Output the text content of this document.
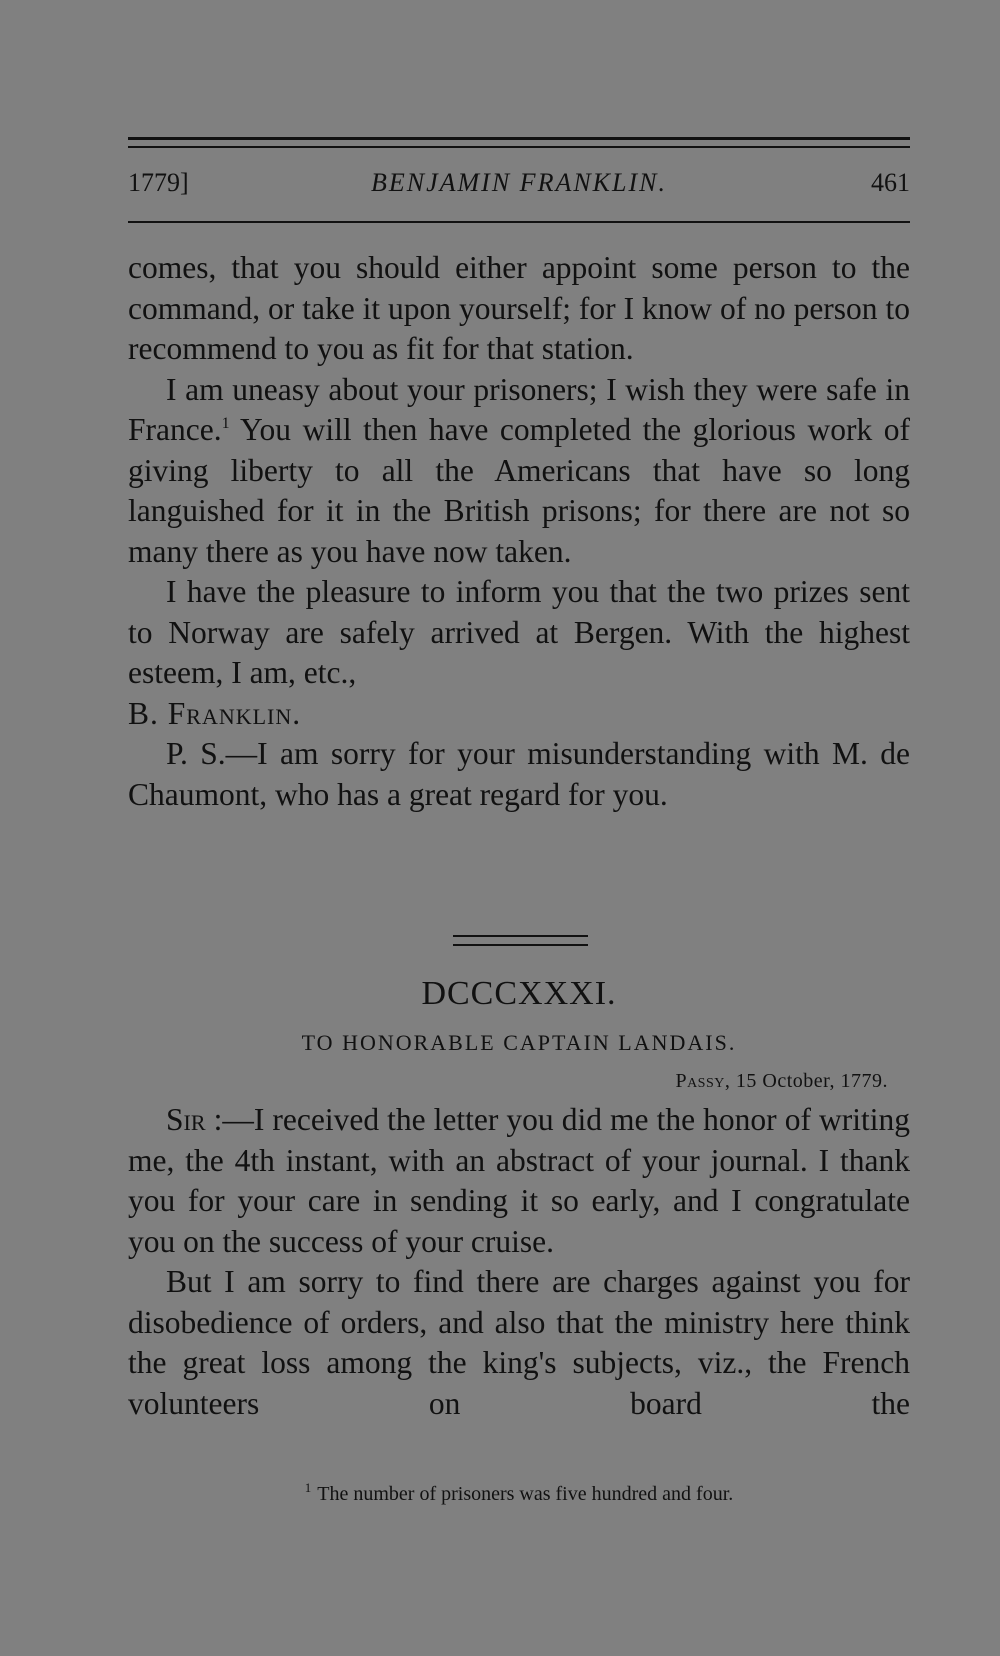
1779]	BENJAMIN FRANKLIN.	461

comes, that you should either appoint some person to the command, or take it upon yourself; for I know of no person to recommend to you as fit for that station.

I am uneasy about your prisoners; I wish they were safe in France.$^1$ You will then have completed the glorious work of giving liberty to all the Americans that have so long languished for it in the British prisons; for there are not so many there as you have now taken.

I have the pleasure to inform you that the two prizes sent to Norway are safely arrived at Bergen. With the highest esteem, I am, etc.,

B. Franklin.

P. S.—I am sorry for your misunderstanding with M. de Chaumont, who has a great regard for you.

DCCCXXXI.
TO HONORABLE CAPTAIN LANDAIS.
Passy, 15 October, 1779.

Sir :—I received the letter you did me the honor of writing me, the 4th instant, with an abstract of your journal. I thank you for your care in sending it so early, and I congratulate you on the success of your cruise.

But I am sorry to find there are charges against you for disobedience of orders, and also that the ministry here think the great loss among the king's subjects, viz., the French volunteers on board the

$^1$ The number of prisoners was five hundred and four.
